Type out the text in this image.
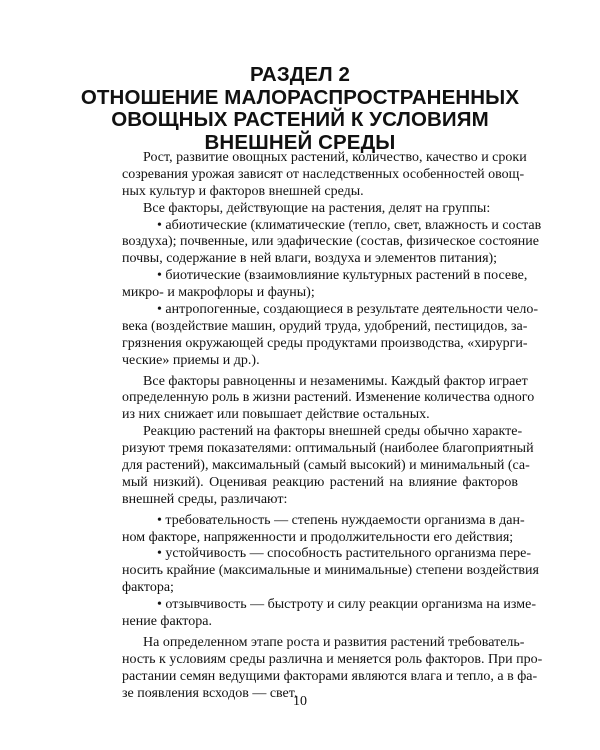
РАЗДЕЛ 2
ОТНОШЕНИЕ МАЛОРАСПРОСТРАНЕННЫХ
ОВОЩНЫХ РАСТЕНИЙ К УСЛОВИЯМ
ВНЕШНЕЙ СРЕДЫ
Рост, развитие овощных растений, количество, качество и сроки
созревания урожая зависят от наследственных особенностей овощ-
ных культур и факторов внешней среды.
Все факторы, действующие на растения, делят на группы:
• абиотические (климатические (тепло, свет, влажность и состав
воздуха); почвенные, или эдафические (состав, физическое состояние
почвы, содержание в ней влаги, воздуха и элементов питания);
• биотические (взаимовлияние культурных растений в посеве,
микро- и макрофлоры и фауны);
• антропогенные, создающиеся в результате деятельности чело-
века (воздействие машин, орудий труда, удобрений, пестицидов, за-
грязнения окружающей среды продуктами производства, «хирурги-
ческие» приемы и др.).
Все факторы равноценны и незаменимы. Каждый фактор играет
определенную роль в жизни растений. Изменение количества одного
из них снижает или повышает действие остальных.
Реакцию растений на факторы внешней среды обычно характе-
ризуют тремя показателями: оптимальный (наиболее благоприятный
для растений), максимальный (самый высокий) и минимальный (са-
мый низкий). Оценивая реакцию растений на влияние факторов
внешней среды, различают:
• требовательность — степень нуждаемости организма в дан-
ном факторе, напряженности и продолжительности его действия;
• устойчивость — способность растительного организма пере-
носить крайние (максимальные и минимальные) степени воздействия
фактора;
• отзывчивость — быстроту и силу реакции организма на изме-
нение фактора.
На определенном этапе роста и развития растений требователь-
ность к условиям среды различна и меняется роль факторов. При про-
растании семян ведущими факторами являются влага и тепло, а в фа-
зе появления всходов — свет.
10
